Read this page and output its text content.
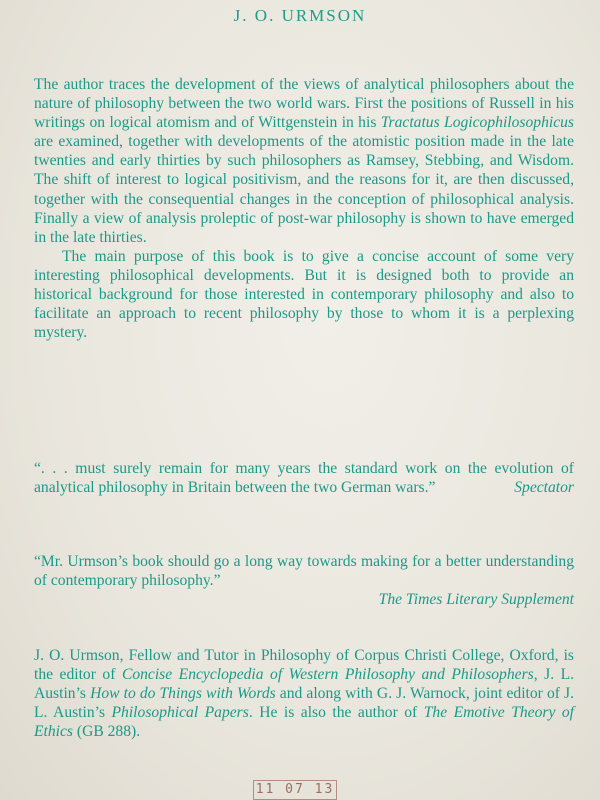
J. O. URMSON

The author traces the development of the views of analytical philosophers about the nature of philosophy between the two world wars. First the positions of Russell in his writings on logical atomism and of Wittgenstein in his Tractatus Logicophilosophicus are examined, together with developments of the atomistic position made in the late twenties and early thirties by such philosophers as Ramsey, Stebbing, and Wisdom. The shift of interest to logical positivism, and the reasons for it, are then discussed, together with the consequential changes in the conception of philosophical analysis. Finally a view of analysis proleptic of post-war philosophy is shown to have emerged in the late thirties.

The main purpose of this book is to give a concise account of some very interesting philosophical developments. But it is designed both to provide an historical background for those interested in contemporary philosophy and also to facilitate an approach to recent philosophy by those to whom it is a perplexing mystery.

“. . . must surely remain for many years the standard work on the evolution of analytical philosophy in Britain between the two German wars.”	Spectator
“Mr. Urmson’s book should go a long way towards making for a better understanding of contemporary philosophy.”
The Times Literary Supplement
J. O. Urmson, Fellow and Tutor in Philosophy of Corpus Christi College, Oxford, is the editor of Concise Encyclopedia of Western Philosophy and Philosophers, J. L. Austin’s How to do Things with Words and along with G. J. Warnock, joint editor of J. L. Austin’s Philosophical Papers. He is also the author of The Emotive Theory of Ethics (GB 288).
11 07 13
